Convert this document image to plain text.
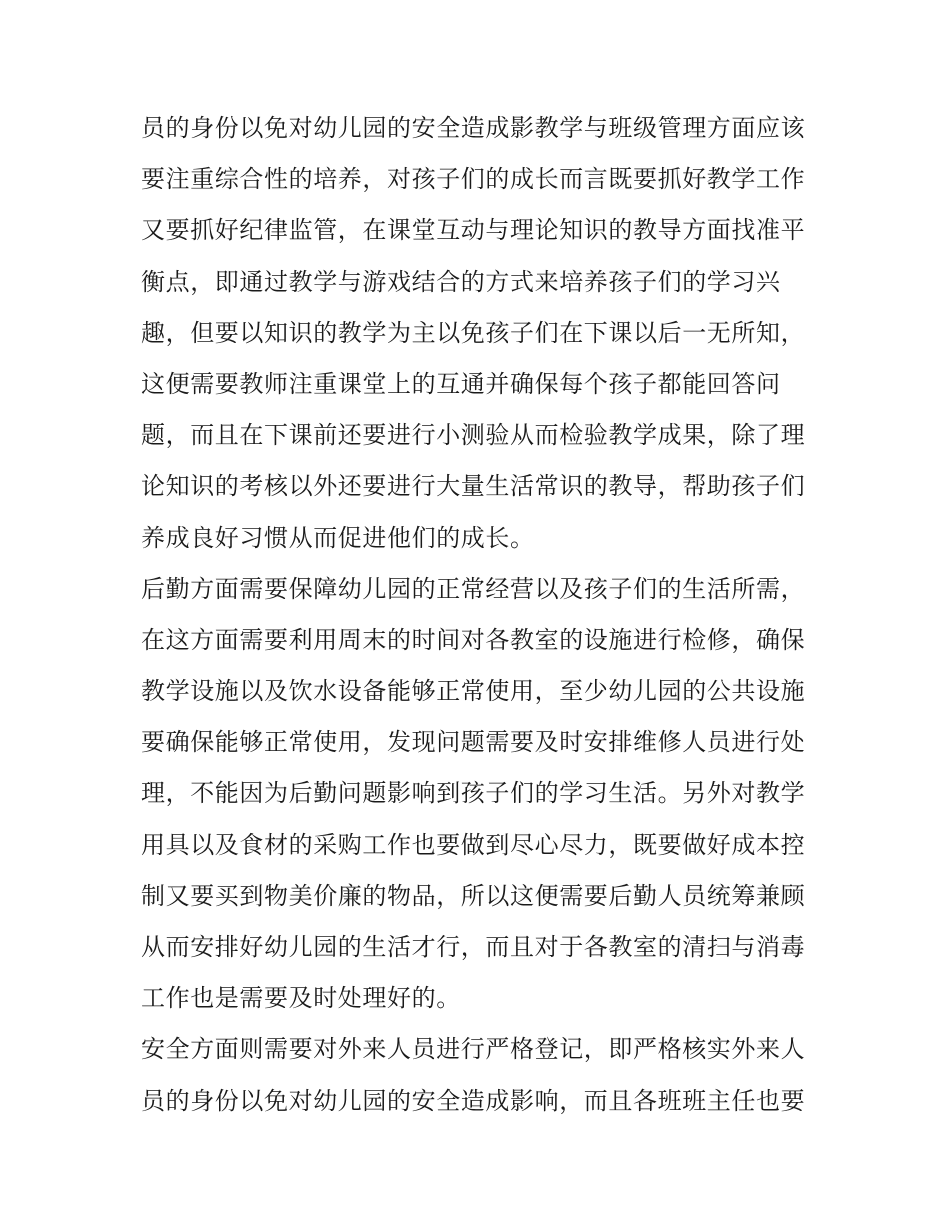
员的身份以免对幼儿园的安全造成影教学与班级管理方面应该
要注重综合性的培养，对孩子们的成长而言既要抓好教学工作
又要抓好纪律监管，在课堂互动与理论知识的教导方面找准平
衡点，即通过教学与游戏结合的方式来培养孩子们的学习兴
趣，但要以知识的教学为主以免孩子们在下课以后一无所知，
这便需要教师注重课堂上的互通并确保每个孩子都能回答问
题，而且在下课前还要进行小测验从而检验教学成果，除了理
论知识的考核以外还要进行大量生活常识的教导，帮助孩子们
养成良好习惯从而促进他们的成长。
后勤方面需要保障幼儿园的正常经营以及孩子们的生活所需，
在这方面需要利用周末的时间对各教室的设施进行检修，确保
教学设施以及饮水设备能够正常使用，至少幼儿园的公共设施
要确保能够正常使用，发现问题需要及时安排维修人员进行处
理，不能因为后勤问题影响到孩子们的学习生活。另外对教学
用具以及食材的采购工作也要做到尽心尽力，既要做好成本控
制又要买到物美价廉的物品，所以这便需要后勤人员统筹兼顾
从而安排好幼儿园的生活才行，而且对于各教室的清扫与消毒
工作也是需要及时处理好的。
安全方面则需要对外来人员进行严格登记，即严格核实外来人
员的身份以免对幼儿园的安全造成影响，而且各班班主任也要
